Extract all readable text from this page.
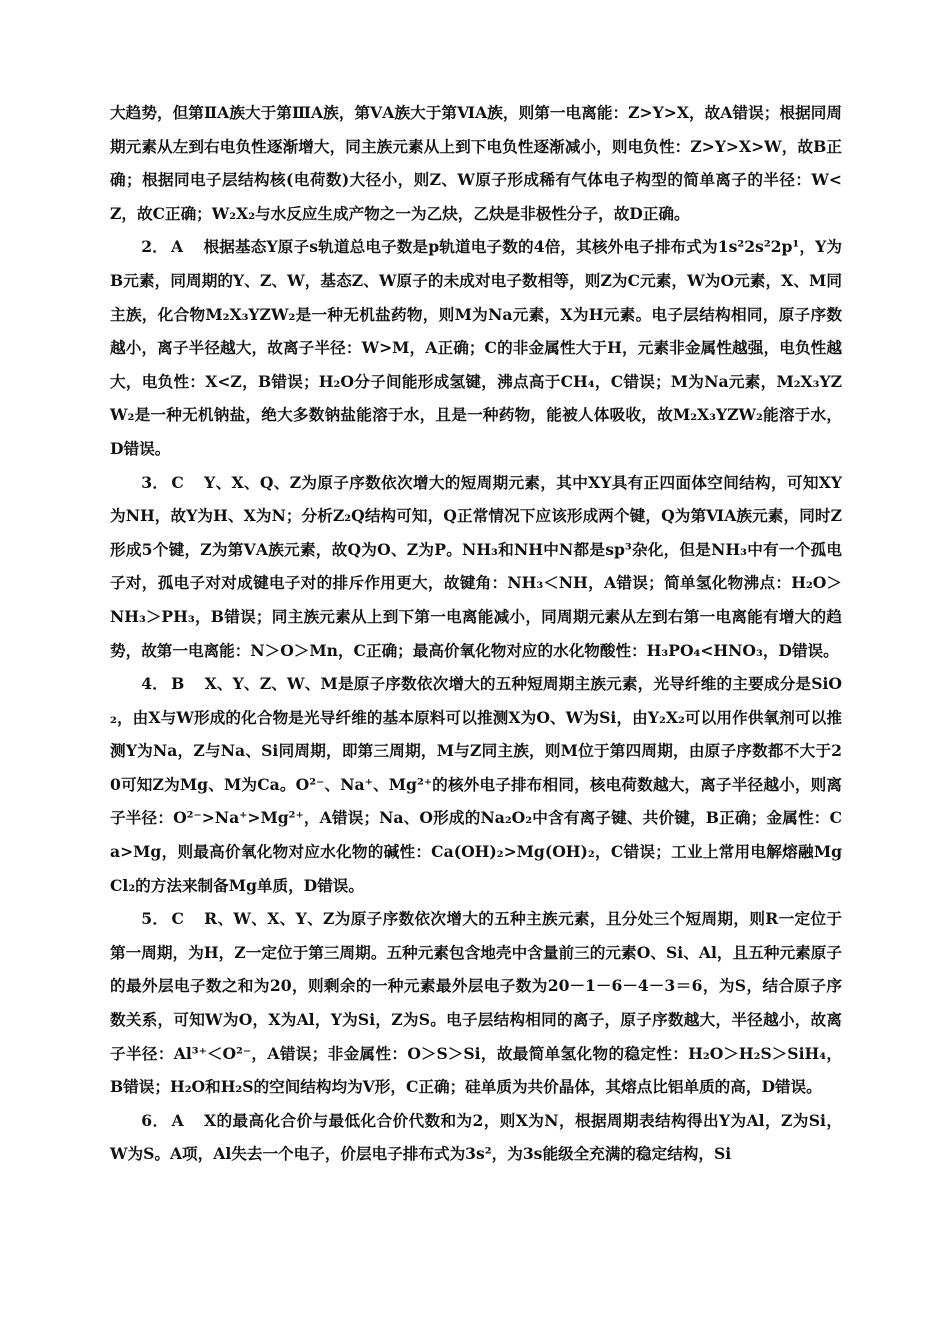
大趋势，但第ⅡA族大于第ⅢA族，第ⅤA族大于第ⅥA族，则第一电离能：Z>Y>X，故A错误；根据同周期元素从左到右电负性逐渐增大，同主族元素从上到下电负性逐渐减小，则电负性：Z>Y>X>W，故B正确；根据同电子层结构核(电荷数)大径小，则Z、W原子形成稀有气体电子构型的简单离子的半径：W<Z，故C正确；W₂X₂与水反应生成产物之一为乙炔，乙炔是非极性分子，故D正确。

2． A 根据基态Y原子s轨道总电子数是p轨道电子数的4倍，其核外电子排布式为1s²2s²2p¹，Y为B元素，同周期的Y、Z、W，基态Z、W原子的未成对电子数相等，则Z为C元素，W为O元素，X、M同主族，化合物M₂X₃YZW₂是一种无机盐药物，则M为Na元素，X为H元素。电子层结构相同，原子序数越小，离子半径越大，故离子半径：W>M，A正确；C的非金属性大于H，元素非金属性越强，电负性越大，电负性：X<Z，B错误；H₂O分子间能形成氢键，沸点高于CH₄，C错误；M为Na元素，M₂X₃YZW₂是一种无机钠盐，绝大多数钠盐能溶于水，且是一种药物，能被人体吸收，故M₂X₃YZW₂能溶于水，D错误。

3． C Y、X、Q、Z为原子序数依次增大的短周期元素，其中XY具有正四面体空间结构，可知XY为NH，故Y为H、X为N；分析Z₂Q结构可知，Q正常情况下应该形成两个键，Q为第ⅥA族元素，同时Z形成5个键，Z为第ⅤA族元素，故Q为O、Z为P。NH₃和NH中N都是sp³杂化，但是NH₃中有一个孤电子对，孤电子对对成键电子对的排斥作用更大，故键角：NH₃＜NH，A错误；简单氢化物沸点：H₂O＞NH₃＞PH₃，B错误；同主族元素从上到下第一电离能减小，同周期元素从左到右第一电离能有增大的趋势，故第一电离能：N＞O＞Mn，C正确；最高价氧化物对应的水化物酸性：H₃PO₄<HNO₃，D错误。

4． B X、Y、Z、W、M是原子序数依次增大的五种短周期主族元素，光导纤维的主要成分是SiO₂，由X与W形成的化合物是光导纤维的基本原料可以推测X为O、W为Si，由Y₂X₂可以用作供氧剂可以推测Y为Na，Z与Na、Si同周期，即第三周期，M与Z同主族，则M位于第四周期，由原子序数都不大于20可知Z为Mg、M为Ca。O²⁻、Na⁺、Mg²⁺的核外电子排布相同，核电荷数越大，离子半径越小，则离子半径：O²⁻>Na⁺>Mg²⁺，A错误；Na、O形成的Na₂O₂中含有离子键、共价键，B正确；金属性：Ca>Mg，则最高价氧化物对应水化物的碱性：Ca(OH)₂>Mg(OH)₂，C错误；工业上常用电解熔融MgCl₂的方法来制备Mg单质，D错误。

5． C R、W、X、Y、Z为原子序数依次增大的五种主族元素，且分处三个短周期，则R一定位于第一周期，为H，Z一定位于第三周期。五种元素包含地壳中含量前三的元素O、Si、Al，且五种元素原子的最外层电子数之和为20，则剩余的一种元素最外层电子数为20－1－6－4－3＝6，为S，结合原子序数关系，可知W为O，X为Al，Y为Si，Z为S。电子层结构相同的离子，原子序数越大，半径越小，故离子半径：Al³⁺＜O²⁻，A错误；非金属性：O＞S＞Si，故最简单氢化物的稳定性：H₂O＞H₂S＞SiH₄，B错误；H₂O和H₂S的空间结构均为V形，C正确；硅单质为共价晶体，其熔点比铝单质的高，D错误。

6． A X的最高化合价与最低化合价代数和为2，则X为N，根据周期表结构得出Y为Al，Z为Si，W为S。A项，Al失去一个电子，价层电子排布式为3s²，为3s能级全充满的稳定结构，Si
